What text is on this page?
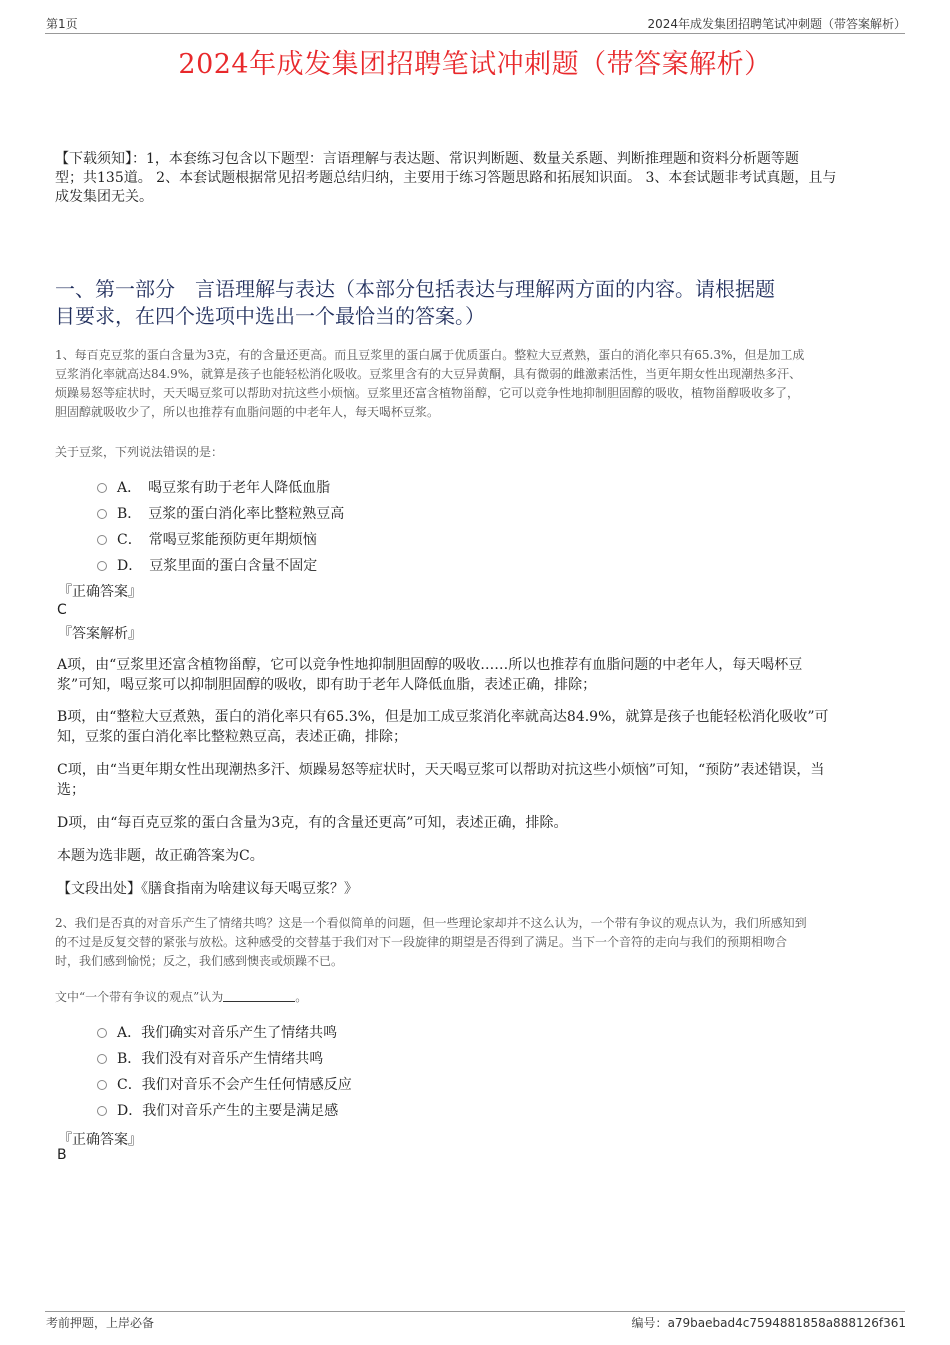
第1页	2024年成发集团招聘笔试冲刺题（带答案解析）
2024年成发集团招聘笔试冲刺题（带答案解析）
【下载须知】：1，本套练习包含以下题型：言语理解与表达题、常识判断题、数量关系题、判断推理题和资料分析题等题
型；共135道。 2、本套试题根据常见招考题总结归纳，主要用于练习答题思路和拓展知识面。 3、本套试题非考试真题，且与
成发集团无关。
一、第一部分　言语理解与表达（本部分包括表达与理解两方面的内容。请根据题
目要求，在四个选项中选出一个最恰当的答案。）
1、每百克豆浆的蛋白含量为3克，有的含量还更高。而且豆浆里的蛋白属于优质蛋白。整粒大豆煮熟，蛋白的消化率只有65.3%，但是加工成
豆浆消化率就高达84.9%，就算是孩子也能轻松消化吸收。豆浆里含有的大豆异黄酮，具有微弱的雌激素活性，当更年期女性出现潮热多汗、
烦躁易怒等症状时，天天喝豆浆可以帮助对抗这些小烦恼。豆浆里还富含植物甾醇，它可以竞争性地抑制胆固醇的吸收，植物甾醇吸收多了，
胆固醇就吸收少了，所以也推荐有血脂问题的中老年人，每天喝杯豆浆。
关于豆浆，下列说法错误的是：
A．　喝豆浆有助于老年人降低血脂
B．　豆浆的蛋白消化率比整粒熟豆高
C．　常喝豆浆能预防更年期烦恼
D．　豆浆里面的蛋白含量不固定
『正确答案』
C
『答案解析』
A项，由“豆浆里还富含植物甾醇，它可以竞争性地抑制胆固醇的吸收……所以也推荐有血脂问题的中老年人，每天喝杯豆
浆”可知，喝豆浆可以抑制胆固醇的吸收，即有助于老年人降低血脂，表述正确，排除；
B项，由“整粒大豆煮熟，蛋白的消化率只有65.3%，但是加工成豆浆消化率就高达84.9%，就算是孩子也能轻松消化吸收”可
知，豆浆的蛋白消化率比整粒熟豆高，表述正确，排除；
C项，由“当更年期女性出现潮热多汗、烦躁易怒等症状时，天天喝豆浆可以帮助对抗这些小烦恼”可知，“预防”表述错误，当
选；
D项，由“每百克豆浆的蛋白含量为3克，有的含量还更高”可知，表述正确，排除。
本题为选非题，故正确答案为C。
【文段出处】《膳食指南为啥建议每天喝豆浆？》
2、我们是否真的对音乐产生了情绪共鸣？这是一个看似简单的问题，但一些理论家却并不这么认为，一个带有争议的观点认为，我们所感知到
的不过是反复交替的紧张与放松。这种感受的交替基于我们对下一段旋律的期望是否得到了满足。当下一个音符的走向与我们的预期相吻合
时，我们感到愉悦；反之，我们感到懊丧或烦躁不已。
文中“一个带有争议的观点”认为	。
A．我们确实对音乐产生了情绪共鸣
B．我们没有对音乐产生情绪共鸣
C．我们对音乐不会产生任何情感反应
D．我们对音乐产生的主要是满足感
『正确答案』
B
考前押题，上岸必备	编号：a79baebad4c7594881858a888126f361
